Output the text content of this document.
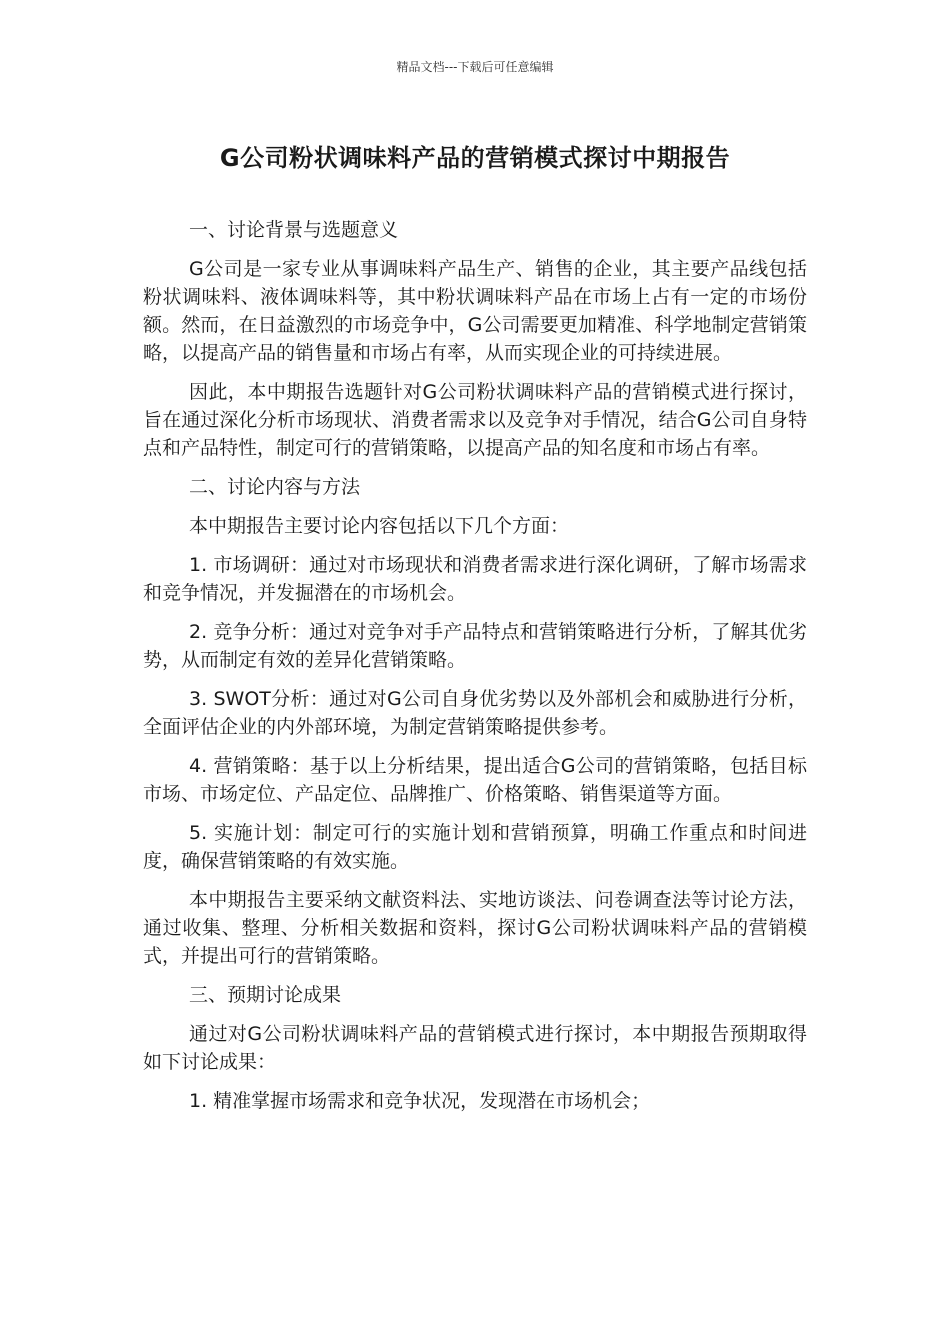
精品文档---下载后可任意编辑
G公司粉状调味料产品的营销模式探讨中期报告

一、讨论背景与选题意义

G公司是一家专业从事调味料产品生产、销售的企业，其主要产品线包括粉状调味料、液体调味料等，其中粉状调味料产品在市场上占有一定的市场份额。然而，在日益激烈的市场竞争中，G公司需要更加精准、科学地制定营销策略，以提高产品的销售量和市场占有率，从而实现企业的可持续进展。

因此，本中期报告选题针对G公司粉状调味料产品的营销模式进行探讨，旨在通过深化分析市场现状、消费者需求以及竞争对手情况，结合G公司自身特点和产品特性，制定可行的营销策略，以提高产品的知名度和市场占有率。

二、讨论内容与方法

本中期报告主要讨论内容包括以下几个方面：

1. 市场调研：通过对市场现状和消费者需求进行深化调研，了解市场需求和竞争情况，并发掘潜在的市场机会。

2. 竞争分析：通过对竞争对手产品特点和营销策略进行分析，了解其优劣势，从而制定有效的差异化营销策略。

3. SWOT分析：通过对G公司自身优劣势以及外部机会和威胁进行分析，全面评估企业的内外部环境，为制定营销策略提供参考。

4. 营销策略：基于以上分析结果，提出适合G公司的营销策略，包括目标市场、市场定位、产品定位、品牌推广、价格策略、销售渠道等方面。

5. 实施计划：制定可行的实施计划和营销预算，明确工作重点和时间进度，确保营销策略的有效实施。

本中期报告主要采纳文献资料法、实地访谈法、问卷调查法等讨论方法，通过收集、整理、分析相关数据和资料，探讨G公司粉状调味料产品的营销模式，并提出可行的营销策略。

三、预期讨论成果

通过对G公司粉状调味料产品的营销模式进行探讨，本中期报告预期取得如下讨论成果：

1. 精准掌握市场需求和竞争状况，发现潜在市场机会；
